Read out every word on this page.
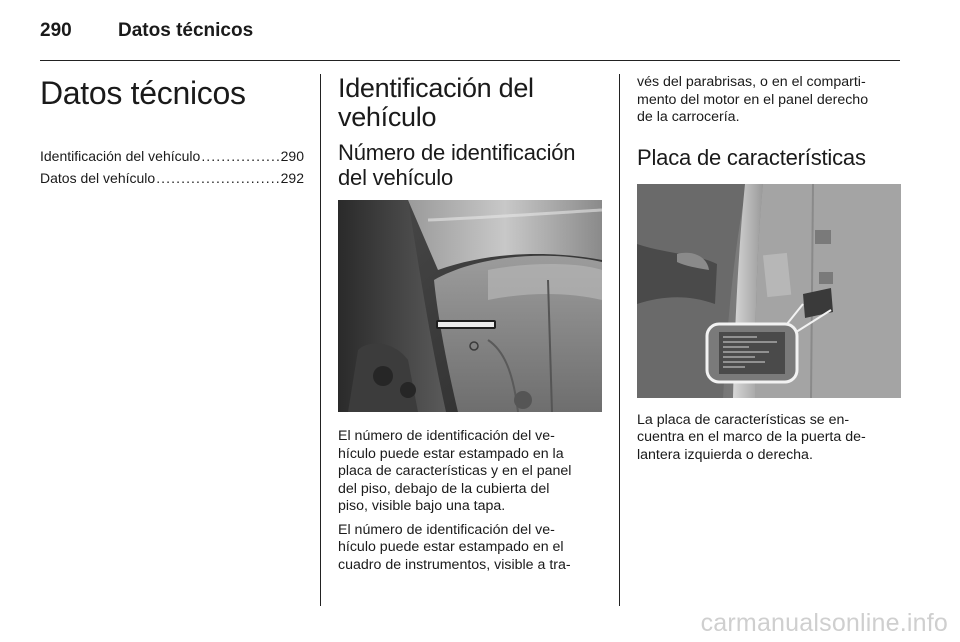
290 Datos técnicos
Datos técnicos
Identificación del vehículo . . .	290
Datos del vehículo . . .	292
Identificación del
vehículo
Número de identificación
del vehículo

El número de identificación del ve-
hículo puede estar estampado en la
placa de características y en el panel
del piso, debajo de la cubierta del
piso, visible bajo una tapa.

El número de identificación del ve-
hículo puede estar estampado en el
cuadro de instrumentos, visible a tra-

vés del parabrisas, o en el comparti-
mento del motor en el panel derecho
de la carrocería.

Placa de características

La placa de características se en-
cuentra en el marco de la puerta de-
lantera izquierda o derecha.

carmanualsonline.info
